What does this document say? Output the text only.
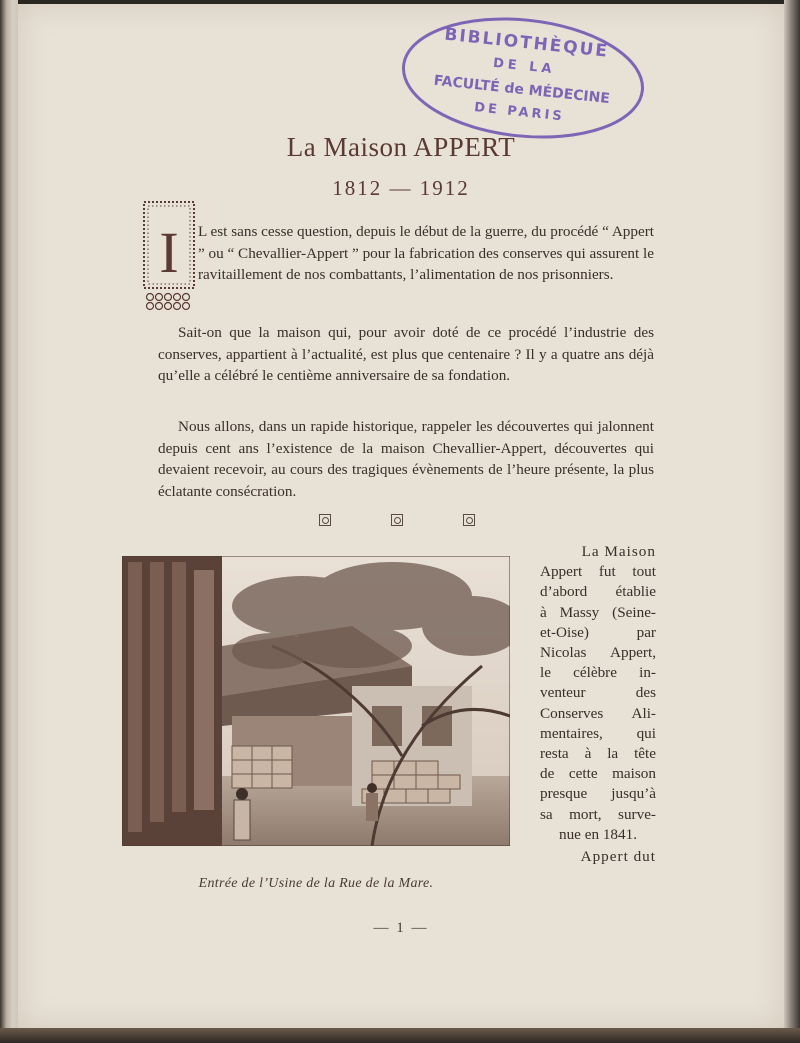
BIBLIOTHÈQUE
DE LA
FACULTÉ de MÉDECINE
DE PARIS
La Maison APPERT
1812 — 1912
I L est sans cesse question, depuis le début de la guerre, du procédé “ Appert ” ou “ Chevallier-Appert ” pour la fabrication des conserves qui assurent le ravitaillement de nos combattants, l’alimentation de nos prisonniers.
Sait-on que la maison qui, pour avoir doté de ce procédé l’industrie des conserves, appartient à l’actualité, est plus que centenaire ? Il y a quatre ans déjà qu’elle a célébré le centième anniversaire de sa fondation.
Nous allons, dans un rapide historique, rappeler les découvertes qui jalonnent depuis cent ans l’existence de la maison Chevallier-Appert, découvertes qui devaient recevoir, au cours des tragiques évènements de l’heure présente, la plus éclatante consécration.
Entrée de l’Usine de la Rue de la Mare.
La Maison
Appert fut tout
d’abord établie
à Massy (Seine-
et-Oise) par
Nicolas Appert,
le célèbre in-
venteur des
Conserves Ali-
mentaires, qui
resta à la tête
de cette maison
presque jusqu’à
sa mort, surve-
nue en 1841.
Appert dut
— 1 —
